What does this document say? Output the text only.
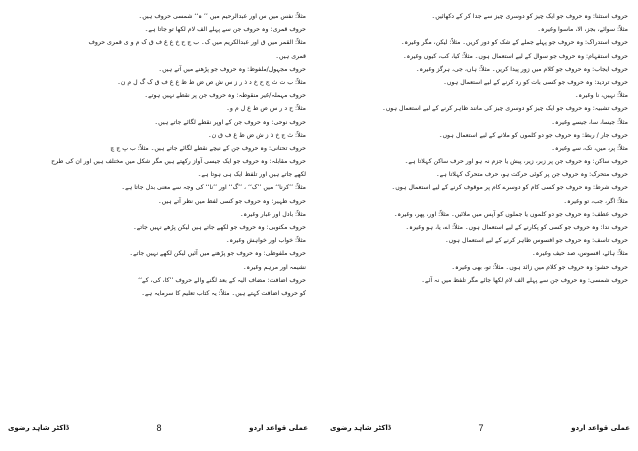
مثلاً: نفس میں س اور عبدالرحیم میں ’’ ہ‘‘ شمسی حروف ہیں۔
حروف قمری: وہ حروف جن سے پہلے الف لام لکھا تو جاتا ہے۔
مثلاً: القمر میں ق اور عبدالکریم میں ک۔ ب ج ح خ ع غ ف ق ک م و ی قمری حروف
قمری ہیں۔
حروف مجہول/ملفوظ: وہ حروف جو پڑھنے میں آتے ہیں۔
مثلاً: ب ت ث ج ح خ د ذ ر ز س ش ص ض ط ظ ع غ ف ق ک گ ل م ن۔
حروف مہملہ/غیر منقوطہ: وہ حروف جن پر نقطے نہیں ہوتے۔
مثلاً: ح د ر س ص ط ع ل م و۔
حروف نوحی: وہ حروف جن کے اوپر نقطے لگائے جاتے ہیں۔
مثلاً: ث ج خ ذ ز ش ض ظ غ ف ق ن۔
حروف تحتانی: وہ حروف جن کے نیچے نقطے لگائے جاتے ہیں۔ مثلاً: ب پ ج چ
حروف مقابلہ: وہ حروف جو ایک جیسی آواز رکھتے ہیں مگر شکل میں مختلف ہیں اور ان کی طرح
لکھے جاتے ہیں اور تلفظ ایک ہی ہوتا ہے۔
مثلاً: ’’کرنا‘‘ میں ’’ک‘‘ ، ’’گ‘‘ اور ’’نا‘‘ کی وجہ سے معنی بدل جاتا ہے۔
حروف ظہیر: وہ حروف جو کسی لفظ میں نظر آتے ہیں۔
مثلاً: بادل اور غبار وغیرہ۔
حروف مکتوبی: وہ حروف جو لکھے جاتے ہیں لیکن پڑھے نہیں جاتے۔
مثلاً: خواب اور خواہش وغیرہ۔
حروف ملفوظی: وہ حروف جو پڑھنے میں آئیں لیکن لکھے نہیں جاتے۔
نشیمہ اور مرہم وغیرہ۔
حروف اضافت: مضاف الیہ کے بعد لگنے والے حروف ’’کا، کی، کے‘‘
کو حروف اضافت کہتے ہیں۔ مثلاً: یہ کتاب تعلیم کا سرمایہ ہے۔
ڈاکٹر شاہد رضوی	8	عملی قواعد اردو
حروف استثنا: وہ حروف جو ایک چیز کو دوسری چیز سے جدا کر کے دکھائیں۔
مثلاً: سوائے، بجز، الا، ماسوا وغیرہ۔
حروف استدراک: وہ حروف جو پہلے جملے کے شک کو دور کریں۔ مثلاً: لیکن، مگر وغیرہ۔
حروف استفہام: وہ حروف جو سوال کے لیے استعمال ہوں۔ مثلاً: کیا، کب، کیوں وغیرہ۔
حروف ایجاب: وہ حروف جو کلام میں زور پیدا کریں۔ مثلاً: ہاں، جی، ہرگز وغیرہ۔
حروف تردید: وہ حروف جو کسی بات کو رد کرنے کے لیے استعمال ہوں۔
مثلاً: نہیں، نا وغیرہ۔
حروف تشبیہ: وہ حروف جو ایک چیز کو دوسری چیز کی مانند ظاہر کرنے کے لیے استعمال ہوں۔
مثلاً: جیسا، سا، جیسے وغیرہ۔
حروف جار / ربط: وہ حروف جو دو کلموں کو ملانے کے لیے استعمال ہوں۔
مثلاً: پر، میں، تک، سے وغیرہ۔
حروف ساکن: وہ حروف جن پر زبر، زیر، پیش یا جزم نہ ہو اور حرف ساکن کہلاتا ہے۔
حروف متحرک: وہ حروف جن پر کوئی حرکت ہو، حرف متحرک کہلاتا ہے۔
حروف شرط: وہ حروف جو کسی کام کو دوسرے کام پر موقوف کرنے کے لیے استعمال ہوں۔
مثلاً: اگر، جب، تو وغیرہ۔
حروف عطف: وہ حروف جو دو کلموں یا جملوں کو آپس میں ملائیں۔ مثلاً: اور، پھر، وغیرہ۔
حروف ندا: وہ حروف جو کسی کو پکارنے کے لیے استعمال ہوں۔ مثلاً: اے، یا، ہو وغیرہ۔
حروف تاسف: وہ حروف جو افسوس ظاہر کرنے کے لیے استعمال ہوں۔
مثلاً: ہائے، افسوس، صد حیف وغیرہ۔
حروف حشو: وہ حروف جو کلام میں زائد ہوں۔ مثلاً: تو، بھی وغیرہ۔
حروف شمسی: وہ حروف جن سے پہلے الف لام لکھا جائے مگر تلفظ میں نہ آئے۔
ڈاکٹر شاہد رضوی	7	عملی قواعد اردو
